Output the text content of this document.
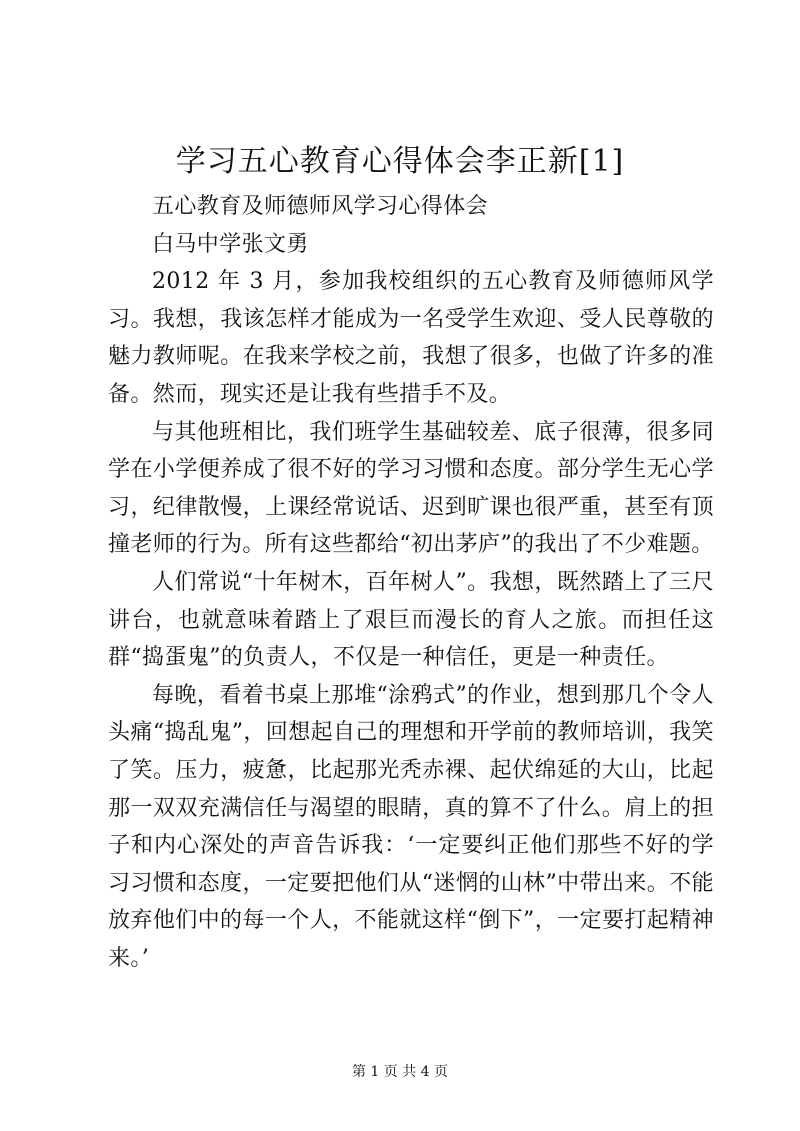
学习五心教育心得体会李正新[1]

五心教育及师德师风学习心得体会

白马中学张文勇

2012 年 3 月，参加我校组织的五心教育及师德师风学习。我想，我该怎样才能成为一名受学生欢迎、受人民尊敬的魅力教师呢。在我来学校之前，我想了很多，也做了许多的准备。然而，现实还是让我有些措手不及。

与其他班相比，我们班学生基础较差、底子很薄，很多同学在小学便养成了很不好的学习习惯和态度。部分学生无心学习，纪律散慢，上课经常说话、迟到旷课也很严重，甚至有顶撞老师的行为。所有这些都给“初出茅庐”的我出了不少难题。

人们常说“十年树木，百年树人”。我想，既然踏上了三尺讲台，也就意味着踏上了艰巨而漫长的育人之旅。而担任这群“捣蛋鬼”的负责人，不仅是一种信任，更是一种责任。

每晚，看着书桌上那堆“涂鸦式”的作业，想到那几个令人头痛“捣乱鬼”，回想起自己的理想和开学前的教师培训，我笑了笑。压力，疲惫，比起那光秃赤裸、起伏绵延的大山，比起那一双双充满信任与渴望的眼睛，真的算不了什么。肩上的担子和内心深处的声音告诉我：‘一定要纠正他们那些不好的学习习惯和态度，一定要把他们从“迷惘的山林”中带出来。不能放弃他们中的每一个人，不能就这样“倒下”，一定要打起精神来。’

第 1 页 共 4 页
